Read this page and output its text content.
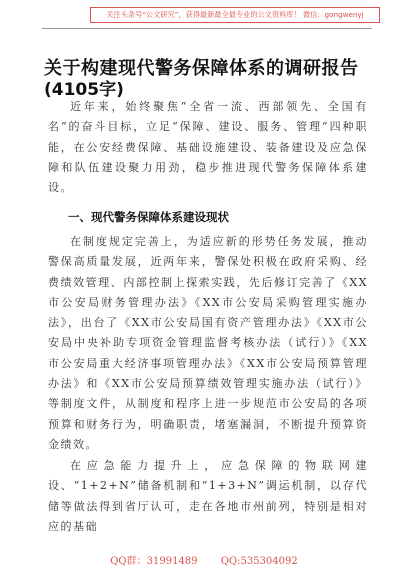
关注头条号“公文研究”，获得最新最全最专业的公文资料库！ 微信：gongwenyj
关于构建现代警务保障体系的调研报告
(4105字)
近年来，始终聚焦“全省一流、西部领先、全国有名”的奋斗目标，立足“保障、建设、服务、管理”四种职能，在公安经费保障、基础设施建设、装备建设及应急保障和队伍建设聚力用劲，稳步推进现代警务保障体系建设。
一、现代警务保障体系建设现状
在制度规定完善上，为适应新的形势任务发展，推动警保高质量发展，近两年来，警保处积极在政府采购、经费绩效管理、内部控制上探索实践，先后修订完善了《XX市公安局财务管理办法》《XX市公安局采购管理实施办法》，出台了《XX市公安局国有资产管理办法》《XX市公安局中央补助专项资金管理监督考核办法（试行）》《XX市公安局重大经济事项管理办法》《XX市公安局预算管理办法》和《XX市公安局预算绩效管理实施办法（试行）》等制度文件，从制度和程序上进一步规范市公安局的各项预算和财务行为，明确职责，堵塞漏洞，不断提升预算资金绩效。
在应急能力提升上，应急保障的物联网建设、“1+2+N”储备机制和“1+3+N”调运机制，以存代储等做法得到省厅认可，走在各地市州前列，特别是相对应的基础
QQ群：31991489 QQ:535304092
